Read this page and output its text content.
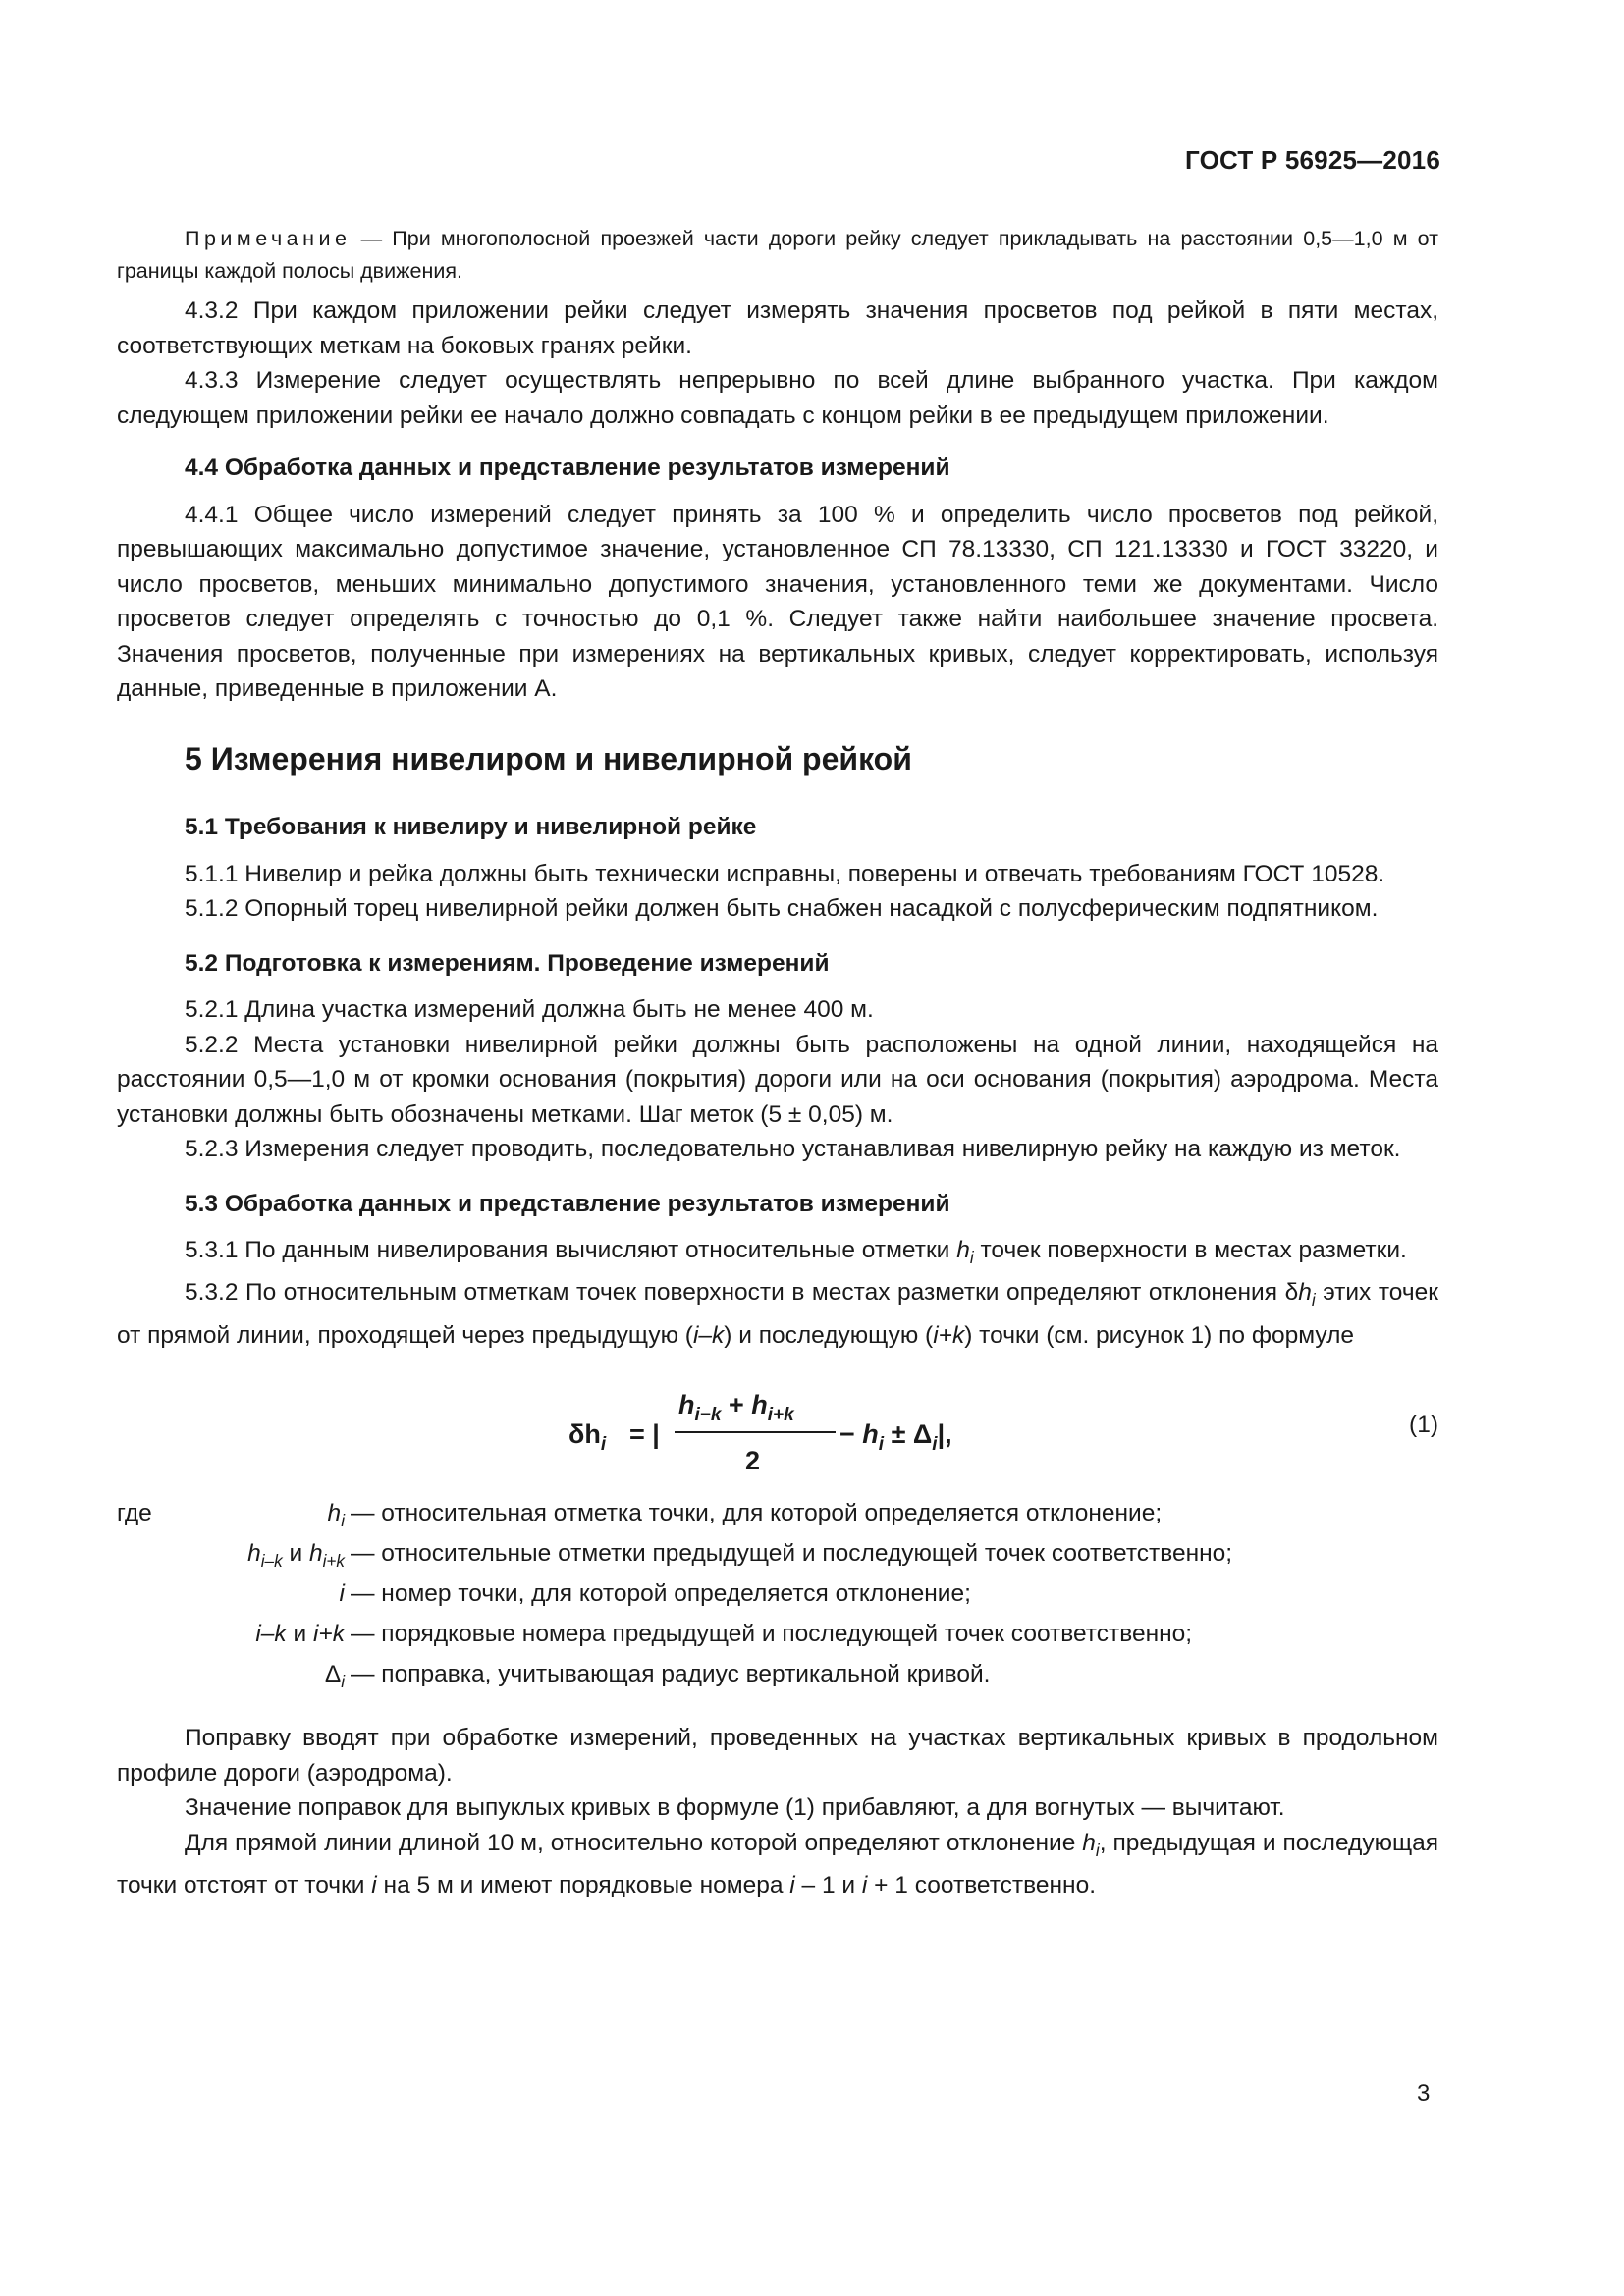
ГОСТ Р 56925—2016

Примечание — При многополосной проезжей части дороги рейку следует прикладывать на расстоянии 0,5—1,0 м от границы каждой полосы движения.

4.3.2 При каждом приложении рейки следует измерять значения просветов под рейкой в пяти местах, соответствующих меткам на боковых гранях рейки.

4.3.3 Измерение следует осуществлять непрерывно по всей длине выбранного участка. При каждом следующем приложении рейки ее начало должно совпадать с концом рейки в ее предыдущем приложении.

4.4 Обработка данных и представление результатов измерений

4.4.1 Общее число измерений следует принять за 100 % и определить число просветов под рейкой, превышающих максимально допустимое значение, установленное СП 78.13330, СП 121.13330 и ГОСТ 33220, и число просветов, меньших минимально допустимого значения, установленного теми же документами. Число просветов следует определять с точностью до 0,1 %. Следует также найти наибольшее значение просвета. Значения просветов, полученные при измерениях на вертикальных кривых, следует корректировать, используя данные, приведенные в приложении А.

5 Измерения нивелиром и нивелирной рейкой
5.1 Требования к нивелиру и нивелирной рейке

5.1.1 Нивелир и рейка должны быть технически исправны, поверены и отвечать требованиям ГОСТ 10528.

5.1.2 Опорный торец нивелирной рейки должен быть снабжен насадкой с полусферическим подпятником.

5.2 Подготовка к измерениям. Проведение измерений

5.2.1 Длина участка измерений должна быть не менее 400 м.

5.2.2 Места установки нивелирной рейки должны быть расположены на одной линии, находящейся на расстоянии 0,5—1,0 м от кромки основания (покрытия) дороги или на оси основания (покрытия) аэродрома. Места установки должны быть обозначены метками. Шаг меток (5 ± 0,05) м.

5.2.3 Измерения следует проводить, последовательно устанавливая нивелирную рейку на каждую из меток.

5.3 Обработка данных и представление результатов измерений

5.3.1 По данным нивелирования вычисляют относительные отметки $h_i$ точек поверхности в местах разметки.

5.3.2 По относительным отметкам точек поверхности в местах разметки определяют отклонения $\delta h_i$ этих точек от прямой линии, проходящей через предыдущую (i–k) и последующую (i+k) точки (см. рисунок 1) по формуле

$\delta h_i$ = |
$h_{i-k} + h_{i+k}$
2
− $h_i \pm \Delta_i|$,	(1)
где	$h_i$ — относительная отметка точки, для которой определяется отклонение;
$h_{i-k}$ и $h_{i+k}$ — относительные отметки предыдущей и последующей точек соответственно;
i — номер точки, для которой определяется отклонение;
i–k и i+k — порядковые номера предыдущей и последующей точек соответственно;
$\Delta_i$ — поправка, учитывающая радиус вертикальной кривой.

Поправку вводят при обработке измерений, проведенных на участках вертикальных кривых в продольном профиле дороги (аэродрома).

Значение поправок для выпуклых кривых в формуле (1) прибавляют, а для вогнутых — вычитают.

Для прямой линии длиной 10 м, относительно которой определяют отклонение $h_i$, предыдущая и последующая точки отстоят от точки i на 5 м и имеют порядковые номера i – 1 и i + 1 соответственно.

3
